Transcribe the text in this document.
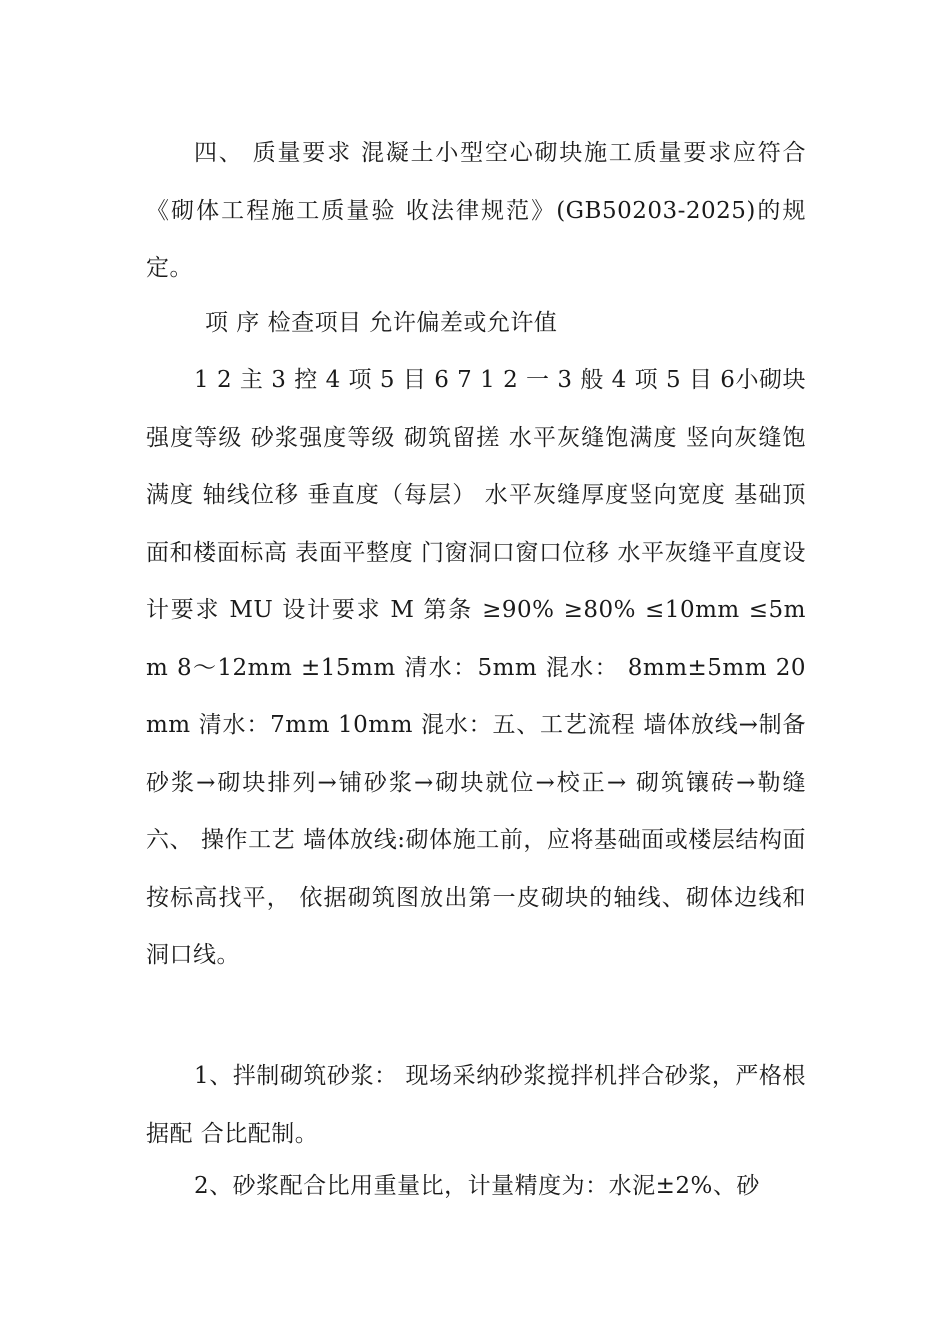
四、 质量要求 混凝土小型空心砌块施工质量要求应符合 《砌体工程施工质量验 收法律规范》(GB50203-2025)的规定。

项 序 检查项目 允许偏差或允许值

1 2 主 3 控 4 项 5 目 6 7 1 2 一 3 般 4 项 5 目 6小砌块强度等级 砂浆强度等级 砌筑留搓 水平灰缝饱满度 竖向灰缝饱满度 轴线位移 垂直度（每层） 水平灰缝厚度竖向宽度 基础顶面和楼面标高 表面平整度 门窗洞口窗口位移 水平灰缝平直度设计要求 MU 设计要求 M 第条 ≥90% ≥80% ≤10mm ≤5mm 8～12mm ±15mm 清水：5mm 混水： 8mm±5mm 20mm 清水：7mm 10mm 混水：五、工艺流程 墙体放线→制备砂浆→砌块排列→铺砂浆→砌块就位→校正→ 砌筑镶砖→勒缝 六、 操作工艺 墙体放线:砌体施工前，应将基础面或楼层结构面按标高找平， 依据砌筑图放出第一皮砌块的轴线、砌体边线和洞口线。

1、拌制砌筑砂浆： 现场采纳砂浆搅拌机拌合砂浆，严格根据配 合比配制。

2、砂浆配合比用重量比，计量精度为：水泥±2%、砂
